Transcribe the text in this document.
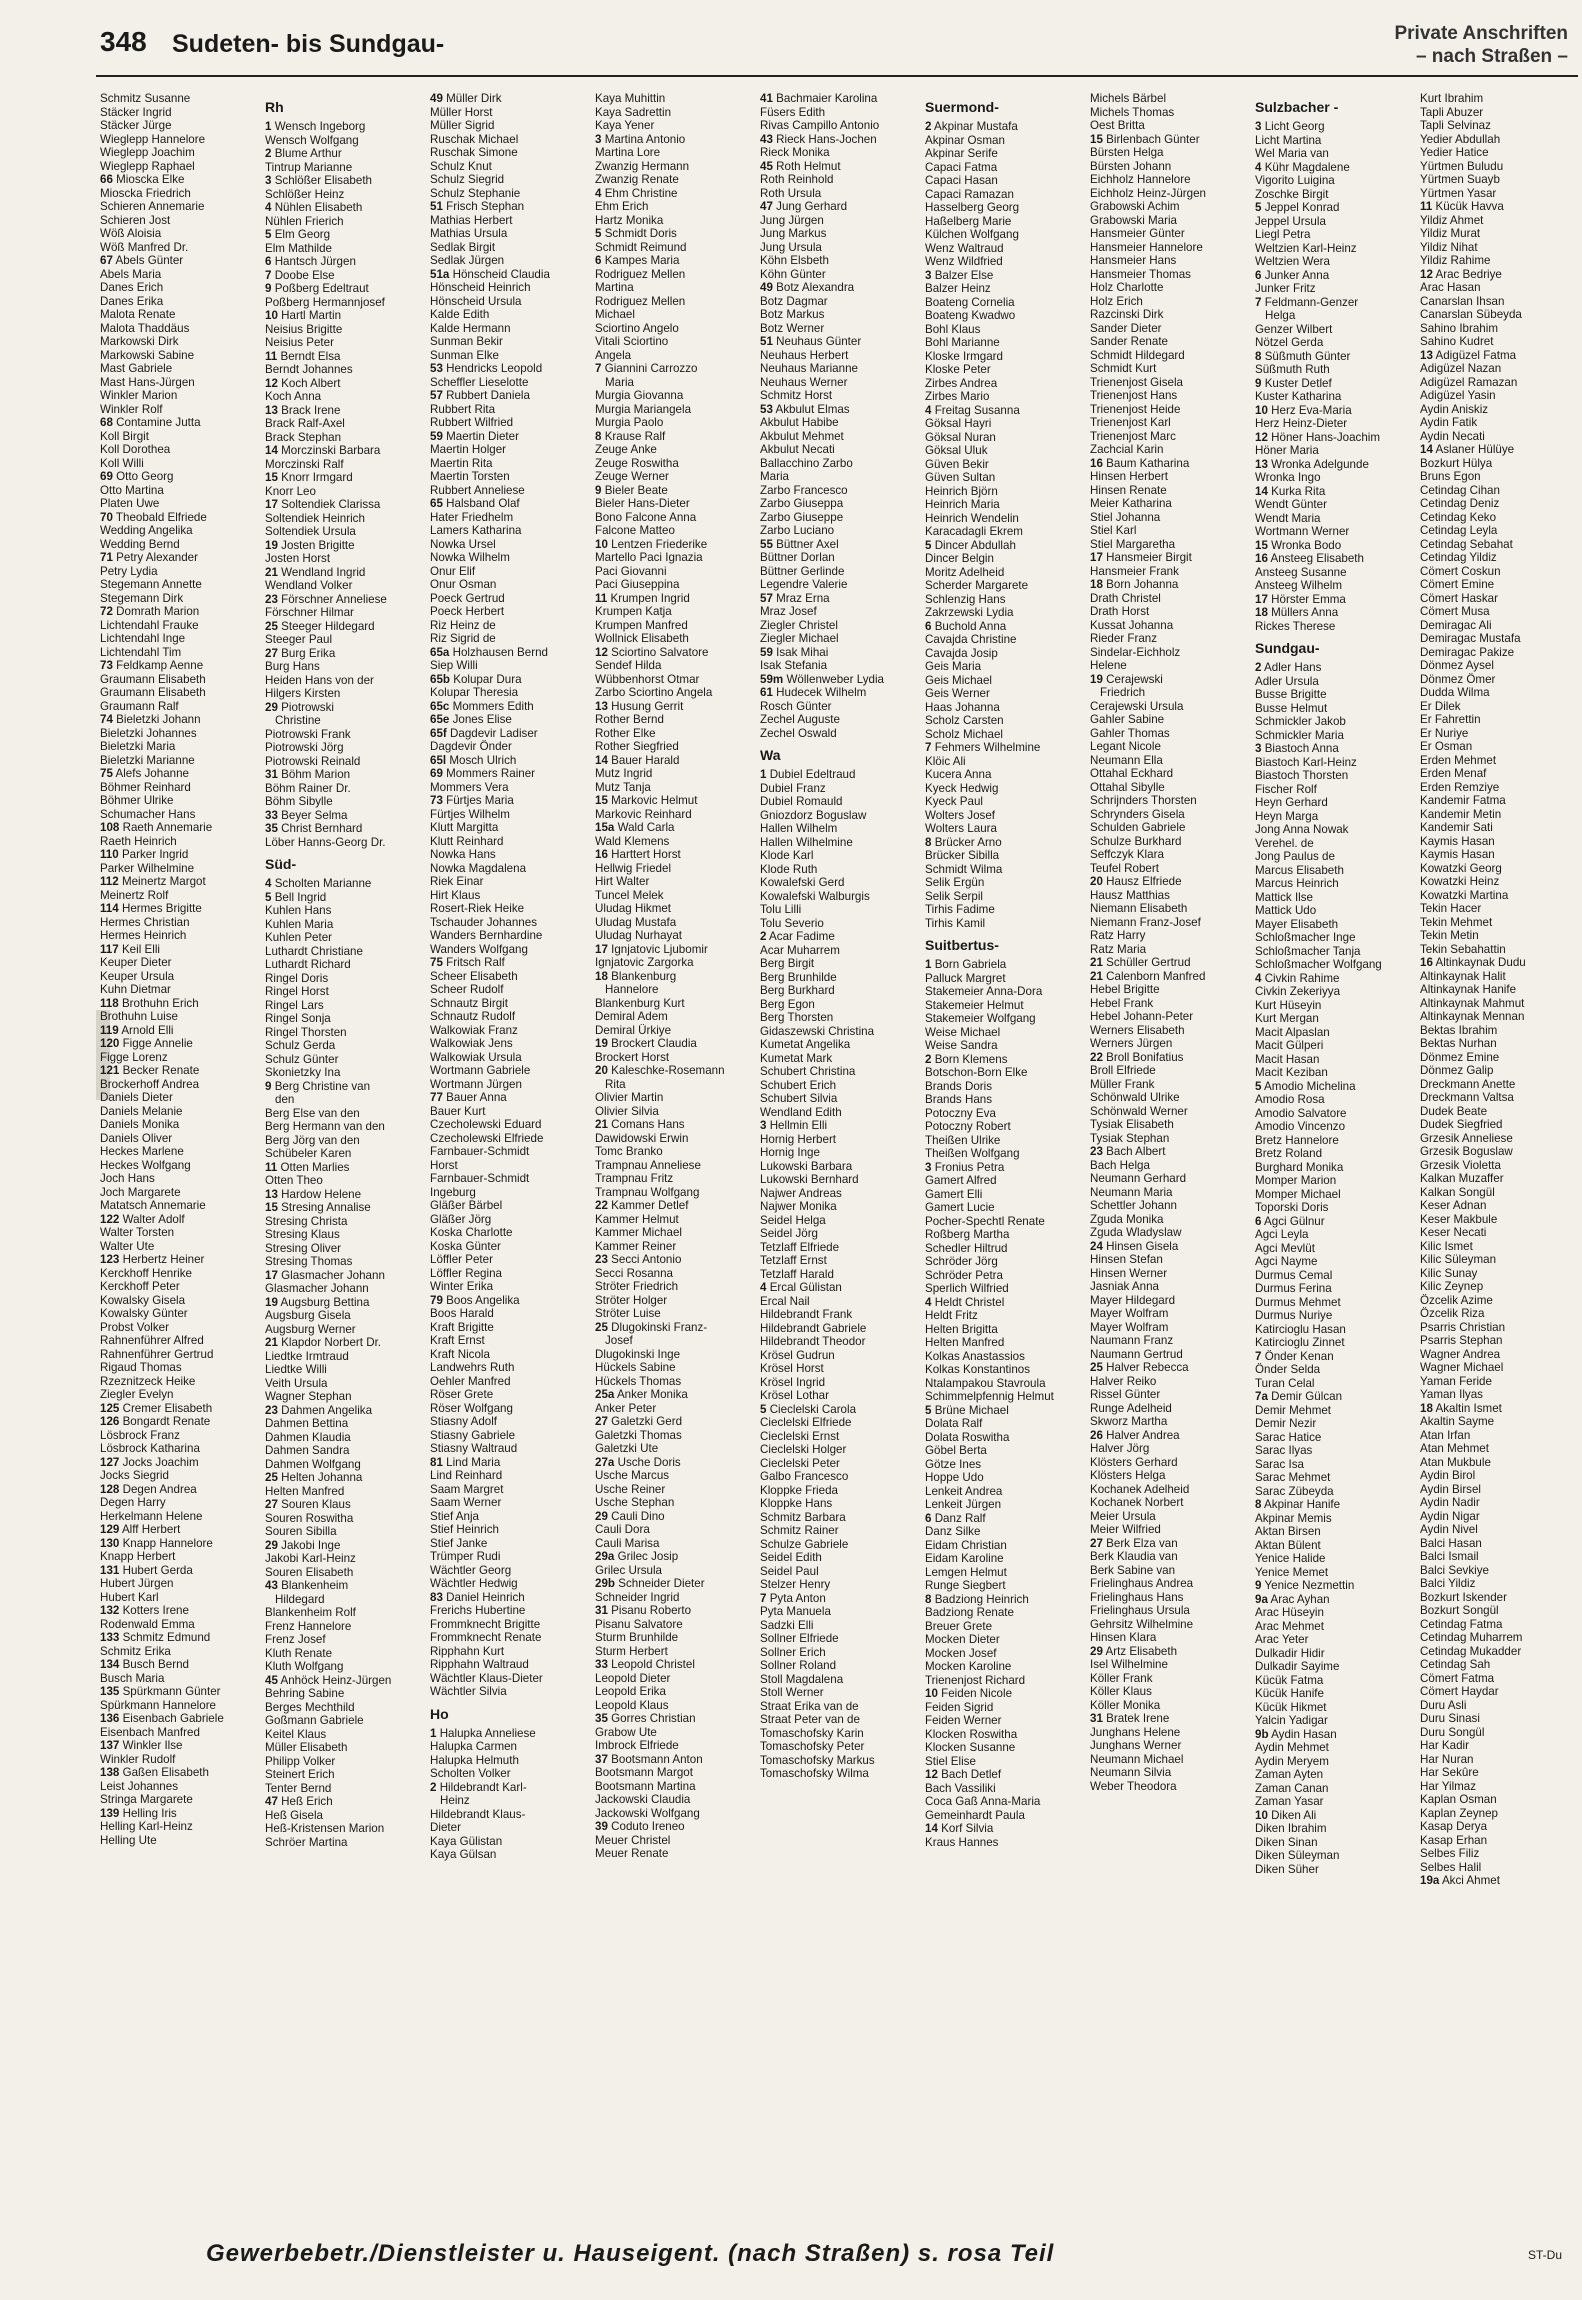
348 Sudeten- bis Sundgau-	Private Anschriften
– nach Straßen –
Schmitz Susanne
Stäcker Ingrid
Stäcker Jürge
Wieglepp Hannelore
Wieglepp Joachim
Wieglepp Raphael
66 Mioscka Elke
Mioscka Friedrich
Schieren Annemarie
Schieren Jost
Wöß Aloisia
Wöß Manfred Dr.
67 Abels Günter
Abels Maria
Danes Erich
Danes Erika
Malota Renate
Malota Thaddäus
Markowski Dirk
Markowski Sabine
Mast Gabriele
Mast Hans-Jürgen
Winkler Marion
Winkler Rolf
68 Contamine Jutta
Koll Birgit
Koll Dorothea
Koll Willi
69 Otto Georg
Otto Martina
Platen Uwe
70 Theobald Elfriede
Wedding Angelika
Wedding Bernd
71 Petry Alexander
Petry Lydia
Stegemann Annette
Stegemann Dirk
72 Domrath Marion
Lichtendahl Frauke
Lichtendahl Inge
Lichtendahl Tim
73 Feldkamp Aenne
Graumann Elisabeth
Graumann Elisabeth
Graumann Ralf
74 Bieletzki Johann
Bieletzki Johannes
Bieletzki Maria
Bieletzki Marianne
75 Alefs Johanne
Böhmer Reinhard
Böhmer Ulrike
Schumacher Hans
108 Raeth Annemarie
Raeth Heinrich
110 Parker Ingrid
Parker Wilhelmine
112 Meinertz Margot
Meinertz Rolf
114 Hermes Brigitte
Hermes Christian
Hermes Heinrich
117 Keil Elli
Keuper Dieter
Keuper Ursula
Kuhn Dietmar
118 Brothuhn Erich
Brothuhn Luise
119 Arnold Elli
120 Figge Annelie
Figge Lorenz
121 Becker Renate
Brockerhoff Andrea
Daniels Dieter
Daniels Melanie
Daniels Monika
Daniels Oliver
Heckes Marlene
Heckes Wolfgang
Joch Hans
Joch Margarete
Matatsch Annemarie
122 Walter Adolf
Walter Torsten
Walter Ute
123 Herbertz Heiner
Kerckhoff Henrike
Kerckhoff Peter
Kowalsky Gisela
Kowalsky Günter
Probst Volker
Rahnenführer Alfred
Rahnenführer Gertrud
Rigaud Thomas
Rzeznitzeck Heike
Ziegler Evelyn
125 Cremer Elisabeth
126 Bongardt Renate
Lösbrock Franz
Lösbrock Katharina
127 Jocks Joachim
Jocks Siegrid
128 Degen Andrea
Degen Harry
Herkelmann Helene
129 Alff Herbert
130 Knapp Hannelore
Knapp Herbert
131 Hubert Gerda
Hubert Jürgen
Hubert Karl
132 Kotters Irene
Rodenwald Emma
133 Schmitz Edmund
Schmitz Erika
134 Busch Bernd
Busch Maria
135 Spürkmann Günter
Spürkmann Hannelore
136 Eisenbach Gabriele
Eisenbach Manfred
137 Winkler Ilse
Winkler Rudolf
138 Gaßen Elisabeth
Leist Johannes
Stringa Margarete
139 Helling Iris
Helling Karl-Heinz
Helling Ute
Rh
1 Wensch Ingeborg
Wensch Wolfgang
2 Blume Arthur
Tintrup Marianne
3 Schlößer Elisabeth
Schlößer Heinz
4 Nühlen Elisabeth
Nühlen Frierich
5 Elm Georg
Elm Mathilde
6 Hantsch Jürgen
7 Doobe Else
9 Poßberg Edeltraut
Poßberg Hermannjosef
10 Hartl Martin
Neisius Brigitte
Neisius Peter
11 Berndt Elsa
Berndt Johannes
12 Koch Albert
Koch Anna
13 Brack Irene
Brack Ralf-Axel
Brack Stephan
14 Morczinski Barbara
Morczinski Ralf
15 Knorr Irmgard
Knorr Leo
17 Soltendiek Clarissa
Soltendiek Heinrich
Soltendiek Ursula
19 Josten Brigitte
Josten Horst
21 Wendland Ingrid
Wendland Volker
23 Förschner Anneliese
Förschner Hilmar
25 Steeger Hildegard
Steeger Paul
27 Burg Erika
Burg Hans
Heiden Hans von der
Hilgers Kirsten
29 Piotrowski
Christine
Piotrowski Frank
Piotrowski Jörg
Piotrowski Reinald
31 Böhm Marion
Böhm Rainer Dr.
Böhm Sibylle
33 Beyer Selma
35 Christ Bernhard
Löber Hanns-Georg Dr.
Süd-
4 Scholten Marianne
5 Bell Ingrid
Kuhlen Hans
Kuhlen Maria
Kuhlen Peter
Luthardt Christiane
Luthardt Richard
Ringel Doris
Ringel Horst
Ringel Lars
Ringel Sonja
Ringel Thorsten
Schulz Gerda
Schulz Günter
Skonietzky Ina
9 Berg Christine van
den
Berg Else van den
Berg Hermann van den
Berg Jörg van den
Schübeler Karen
11 Otten Marlies
Otten Theo
13 Hardow Helene
15 Stresing Annalise
Stresing Christa
Stresing Klaus
Stresing Oliver
Stresing Thomas
17 Glasmacher Johann
Glasmacher Johann
19 Augsburg Bettina
Augsburg Gisela
Augsburg Werner
21 Klapdor Norbert Dr.
Liedtke Irmtraud
Liedtke Willi
Veith Ursula
Wagner Stephan
23 Dahmen Angelika
Dahmen Bettina
Dahmen Klaudia
Dahmen Sandra
Dahmen Wolfgang
25 Helten Johanna
Helten Manfred
27 Souren Klaus
Souren Roswitha
Souren Sibilla
29 Jakobi Inge
Jakobi Karl-Heinz
Souren Elisabeth
43 Blankenheim
Hildegard
Blankenheim Rolf
Frenz Hannelore
Frenz Josef
Kluth Renate
Kluth Wolfgang
45 Anhöck Heinz-Jürgen
Behring Sabine
Berges Mechthild
Goßmann Gabriele
Keitel Klaus
Müller Elisabeth
Philipp Volker
Steinert Erich
Tenter Bernd
47 Heß Erich
Heß Gisela
Heß-Kristensen Marion
Schröer Martina
49 Müller Dirk
Müller Horst
Müller Sigrid
Ruschak Michael
Ruschak Simone
Schulz Knut
Schulz Siegrid
Schulz Stephanie
51 Frisch Stephan
Mathias Herbert
Mathias Ursula
Sedlak Birgit
Sedlak Jürgen
51a Hönscheid Claudia
Hönscheid Heinrich
Hönscheid Ursula
Kalde Edith
Kalde Hermann
Sunman Bekir
Sunman Elke
53 Hendricks Leopold
Scheffler Lieselotte
57 Rubbert Daniela
Rubbert Rita
Rubbert Wilfried
59 Maertin Dieter
Maertin Holger
Maertin Rita
Maertin Torsten
Rubbert Anneliese
65 Halsband Olaf
Hater Friedhelm
Lamers Katharina
Nowka Ursel
Nowka Wilhelm
Onur Elif
Onur Osman
Poeck Gertrud
Poeck Herbert
Riz Heinz de
Riz Sigrid de
65a Holzhausen Bernd
Siep Willi
65b Kolupar Dura
Kolupar Theresia
65c Mommers Edith
65e Jones Elise
65f Dagdevir Ladiser
Dagdevir Önder
65l Mosch Ulrich
69 Mommers Rainer
Mommers Vera
73 Fürtjes Maria
Fürtjes Wilhelm
Klutt Margitta
Klutt Reinhard
Nowka Hans
Nowka Magdalena
Riek Einar
Hirt Klaus
Rosert-Riek Heike
Tschauder Johannes
Wanders Bernhardine
Wanders Wolfgang
75 Fritsch Ralf
Scheer Elisabeth
Scheer Rudolf
Schnautz Birgit
Schnautz Rudolf
Walkowiak Franz
Walkowiak Jens
Walkowiak Ursula
Wortmann Gabriele
Wortmann Jürgen
77 Bauer Anna
Bauer Kurt
Czecholewski Eduard
Czecholewski Elfriede
Farnbauer-Schmidt
Horst
Farnbauer-Schmidt
Ingeburg
Gläßer Bärbel
Gläßer Jörg
Koska Charlotte
Koska Günter
Löffler Peter
Löffler Regina
Winter Erika
79 Boos Angelika
Boos Harald
Kraft Brigitte
Kraft Ernst
Kraft Nicola
Landwehrs Ruth
Oehler Manfred
Röser Grete
Röser Wolfgang
Stiasny Adolf
Stiasny Gabriele
Stiasny Waltraud
81 Lind Maria
Lind Reinhard
Saam Margret
Saam Werner
Stief Anja
Stief Heinrich
Stief Janke
Trümper Rudi
Wächtler Georg
Wächtler Hedwig
83 Daniel Heinrich
Frerichs Hubertine
Frommknecht Brigitte
Frommknecht Renate
Ripphahn Kurt
Ripphahn Waltraud
Wächtler Klaus-Dieter
Wächtler Silvia
Ho
1 Halupka Anneliese
Halupka Carmen
Halupka Helmuth
Scholten Volker
2 Hildebrandt Karl-
Heinz
Hildebrandt Klaus-
Dieter
Kaya Gülistan
Kaya Gülsan
Kaya Muhittin
Kaya Sadrettin
Kaya Yener
3 Martina Antonio
Martina Lore
Zwanzig Hermann
Zwanzig Renate
4 Ehm Christine
Ehm Erich
Hartz Monika
5 Schmidt Doris
Schmidt Reimund
6 Kampes Maria
Rodriguez Mellen
Martina
Rodriguez Mellen
Michael
Sciortino Angelo
Vitali Sciortino
Angela
7 Giannini Carrozzo
Maria
Murgia Giovanna
Murgia Mariangela
Murgia Paolo
8 Krause Ralf
Zeuge Anke
Zeuge Roswitha
Zeuge Werner
9 Bieler Beate
Bieler Hans-Dieter
Bono Falcone Anna
Falcone Matteo
10 Lentzen Friederike
Martello Paci Ignazia
Paci Giovanni
Paci Giuseppina
11 Krumpen Ingrid
Krumpen Katja
Krumpen Manfred
Wollnick Elisabeth
12 Sciortino Salvatore
Sendef Hilda
Wübbenhorst Otmar
Zarbo Sciortino Angela
13 Husung Gerrit
Rother Bernd
Rother Elke
Rother Siegfried
14 Bauer Harald
Mutz Ingrid
Mutz Tanja
15 Markovic Helmut
Markovic Reinhard
15a Wald Carla
Wald Klemens
16 Harttert Horst
Hellwig Friedel
Hirt Walter
Tuncel Melek
Uludag Hikmet
Uludag Mustafa
Uludag Nurhayat
17 Ignjatovic Ljubomir
Ignjatovic Zargorka
18 Blankenburg
Hannelore
Blankenburg Kurt
Demiral Adem
Demiral Ürkiye
19 Brockert Claudia
Brockert Horst
20 Kaleschke-Rosemann
Rita
Olivier Martin
Olivier Silvia
21 Comans Hans
Dawidowski Erwin
Tomc Branko
Trampnau Anneliese
Trampnau Fritz
Trampnau Wolfgang
22 Kammer Detlef
Kammer Helmut
Kammer Michael
Kammer Reiner
23 Secci Antonio
Secci Rosanna
Ströter Friedrich
Ströter Holger
Ströter Luise
25 Dlugokinski Franz-
Josef
Dlugokinski Inge
Hückels Sabine
Hückels Thomas
25a Anker Monika
Anker Peter
27 Galetzki Gerd
Galetzki Thomas
Galetzki Ute
27a Usche Doris
Usche Marcus
Usche Reiner
Usche Stephan
29 Cauli Dino
Cauli Dora
Cauli Marisa
29a Grilec Josip
Grilec Ursula
29b Schneider Dieter
Schneider Ingrid
31 Pisanu Roberto
Pisanu Salvatore
Sturm Brunhilde
Sturm Herbert
33 Leopold Christel
Leopold Dieter
Leopold Erika
Leopold Klaus
35 Gorres Christian
Grabow Ute
Imbrock Elfriede
37 Bootsmann Anton
Bootsmann Margot
Bootsmann Martina
Jackowski Claudia
Jackowski Wolfgang
39 Coduto Ireneo
Meuer Christel
Meuer Renate
41 Bachmaier Karolina
Füsers Edith
Rivas Campillo Antonio
43 Rieck Hans-Jochen
Rieck Monika
45 Roth Helmut
Roth Reinhold
Roth Ursula
47 Jung Gerhard
Jung Jürgen
Jung Markus
Jung Ursula
Köhn Elsbeth
Köhn Günter
49 Botz Alexandra
Botz Dagmar
Botz Markus
Botz Werner
51 Neuhaus Günter
Neuhaus Herbert
Neuhaus Marianne
Neuhaus Werner
Schmitz Horst
53 Akbulut Elmas
Akbulut Habibe
Akbulut Mehmet
Akbulut Necati
Ballacchino Zarbo
Maria
Zarbo Francesco
Zarbo Giuseppa
Zarbo Giuseppe
Zarbo Luciano
55 Büttner Axel
Büttner Dorlan
Büttner Gerlinde
Legendre Valerie
57 Mraz Erna
Mraz Josef
Ziegler Christel
Ziegler Michael
59 Isak Mihai
Isak Stefania
59m Wöllenweber Lydia
61 Hudecek Wilhelm
Rosch Günter
Zechel Auguste
Zechel Oswald
Wa
1 Dubiel Edeltraud
Dubiel Franz
Dubiel Romauld
Gniozdorz Boguslaw
Hallen Wilhelm
Hallen Wilhelmine
Klode Karl
Klode Ruth
Kowalefski Gerd
Kowalefski Walburgis
Tolu Lilli
Tolu Severio
2 Acar Fadime
Acar Muharrem
Berg Birgit
Berg Brunhilde
Berg Burkhard
Berg Egon
Berg Thorsten
Gidaszewski Christina
Kumetat Angelika
Kumetat Mark
Schubert Christina
Schubert Erich
Schubert Silvia
Wendland Edith
3 Hellmin Elli
Hornig Herbert
Hornig Inge
Lukowski Barbara
Lukowski Bernhard
Najwer Andreas
Najwer Monika
Seidel Helga
Seidel Jörg
Tetzlaff Elfriede
Tetzlaff Ernst
Tetzlaff Harald
4 Ercal Gülistan
Ercal Nail
Hildebrandt Frank
Hildebrandt Gabriele
Hildebrandt Theodor
Krösel Gudrun
Krösel Horst
Krösel Ingrid
Krösel Lothar
5 Cieclelski Carola
Cieclelski Elfriede
Cieclelski Ernst
Cieclelski Holger
Cieclelski Peter
Galbo Francesco
Kloppke Frieda
Kloppke Hans
Schmitz Barbara
Schmitz Rainer
Schulze Gabriele
Seidel Edith
Seidel Paul
Stelzer Henry
7 Pyta Anton
Pyta Manuela
Sadzki Elli
Sollner Elfriede
Sollner Erich
Sollner Roland
Stoll Magdalena
Stoll Werner
Straat Erika van de
Straat Peter van de
Tomaschofsky Karin
Tomaschofsky Peter
Tomaschofsky Markus
Tomaschofsky Wilma
Suermond-
2 Akpinar Mustafa
Akpinar Osman
Akpinar Serife
Capaci Fatma
Capaci Hasan
Capaci Ramazan
Hasselberg Georg
Haßelberg Marie
Külchen Wolfgang
Wenz Waltraud
Wenz Wildfried
3 Balzer Else
Balzer Heinz
Boateng Cornelia
Boateng Kwadwo
Bohl Klaus
Bohl Marianne
Kloske Irmgard
Kloske Peter
Zirbes Andrea
Zirbes Mario
4 Freitag Susanna
Göksal Hayri
Göksal Nuran
Göksal Uluk
Güven Bekir
Güven Sultan
Heinrich Björn
Heinrich Maria
Heinrich Wendelin
Karacadagli Ekrem
5 Dincer Abdullah
Dincer Belgin
Moritz Adelheid
Scherder Margarete
Schlenzig Hans
Zakrzewski Lydia
6 Buchold Anna
Cavajda Christine
Cavajda Josip
Geis Maria
Geis Michael
Geis Werner
Haas Johanna
Scholz Carsten
Scholz Michael
7 Fehmers Wilhelmine
Klöic Ali
Kucera Anna
Kyeck Hedwig
Kyeck Paul
Wolters Josef
Wolters Laura
8 Brücker Arno
Brücker Sibilla
Schmidt Wilma
Selik Ergün
Selik Serpil
Tirhis Fadime
Tirhis Kamil
Suitbertus-
1 Born Gabriela
Palluck Margret
Stakemeier Anna-Dora
Stakemeier Helmut
Stakemeier Wolfgang
Weise Michael
Weise Sandra
2 Born Klemens
Botschon-Born Elke
Brands Doris
Brands Hans
Potoczny Eva
Potoczny Robert
Theißen Ulrike
Theißen Wolfgang
3 Fronius Petra
Gamert Alfred
Gamert Elli
Gamert Lucie
Pocher-Spechtl Renate
Roßberg Martha
Schedler Hiltrud
Schröder Jörg
Schröder Petra
Sperlich Wilfried
4 Heldt Christel
Heldt Fritz
Helten Brigitta
Helten Manfred
Kolkas Anastassios
Kolkas Konstantinos
Ntalampakou Stavroula
Schimmelpfennig Helmut
5 Brüne Michael
Dolata Ralf
Dolata Roswitha
Göbel Berta
Götze Ines
Hoppe Udo
Lenkeit Andrea
Lenkeit Jürgen
6 Danz Ralf
Danz Silke
Eidam Christian
Eidam Karoline
Lemgen Helmut
Runge Siegbert
8 Badziong Heinrich
Badziong Renate
Breuer Grete
Mocken Dieter
Mocken Josef
Mocken Karoline
Trienenjost Richard
10 Feiden Nicole
Feiden Sigrid
Feiden Werner
Klocken Roswitha
Klocken Susanne
Stiel Elise
12 Bach Detlef
Bach Vassiliki
Coca Gaß Anna-Maria
Gemeinhardt Paula
14 Korf Silvia
Kraus Hannes
Michels Bärbel
Michels Thomas
Oest Britta
15 Birlenbach Günter
Bürsten Helga
Bürsten Johann
Eichholz Hannelore
Eichholz Heinz-Jürgen
Grabowski Achim
Grabowski Maria
Hansmeier Günter
Hansmeier Hannelore
Hansmeier Hans
Hansmeier Thomas
Holz Charlotte
Holz Erich
Razcinski Dirk
Sander Dieter
Sander Renate
Schmidt Hildegard
Schmidt Kurt
Trienenjost Gisela
Trienenjost Hans
Trienenjost Heide
Trienenjost Karl
Trienenjost Marc
Zachcial Karin
16 Baum Katharina
Hinsen Herbert
Hinsen Renate
Meier Katharina
Stiel Johanna
Stiel Karl
Stiel Margaretha
17 Hansmeier Birgit
Hansmeier Frank
18 Born Johanna
Drath Christel
Drath Horst
Kussat Johanna
Rieder Franz
Sindelar-Eichholz
Helene
19 Cerajewski
Friedrich
Cerajewski Ursula
Gahler Sabine
Gahler Thomas
Legant Nicole
Neumann Ella
Ottahal Eckhard
Ottahal Sibylle
Schrijnders Thorsten
Schrynders Gisela
Schulden Gabriele
Schulze Burkhard
Seffczyk Klara
Teufel Robert
20 Hausz Elfriede
Hausz Matthias
Niemann Elisabeth
Niemann Franz-Josef
Ratz Harry
Ratz Maria
21 Schüller Gertrud
21 Calenborn Manfred
Hebel Brigitte
Hebel Frank
Hebel Johann-Peter
Werners Elisabeth
Werners Jürgen
22 Broll Bonifatius
Broll Elfriede
Müller Frank
Schönwald Ulrike
Schönwald Werner
Tysiak Elisabeth
Tysiak Stephan
23 Bach Albert
Bach Helga
Neumann Gerhard
Neumann Maria
Schettler Johann
Zguda Monika
Zguda Wladyslaw
24 Hinsen Gisela
Hinsen Stefan
Hinsen Werner
Jasniak Anna
Mayer Hildegard
Mayer Wolfram
Mayer Wolfram
Naumann Franz
Naumann Gertrud
25 Halver Rebecca
Halver Reiko
Rissel Günter
Runge Adelheid
Skworz Martha
26 Halver Andrea
Halver Jörg
Klösters Gerhard
Klösters Helga
Kochanek Adelheid
Kochanek Norbert
Meier Ursula
Meier Wilfried
27 Berk Elza van
Berk Klaudia van
Berk Sabine van
Frielinghaus Andrea
Frielinghaus Hans
Frielinghaus Ursula
Gehrsitz Wilhelmine
Hinsen Klara
29 Artz Elisabeth
Isel Wilhelmine
Köller Frank
Köller Klaus
Köller Monika
31 Bratek Irene
Junghans Helene
Junghans Werner
Neumann Michael
Neumann Silvia
Weber Theodora
Sulzbacher -
3 Licht Georg
Licht Martina
Wel Maria van
4 Kühr Magdalene
Vigorito Luigina
Zoschke Birgit
5 Jeppel Konrad
Jeppel Ursula
Liegl Petra
Weltzien Karl-Heinz
Weltzien Wera
6 Junker Anna
Junker Fritz
7 Feldmann-Genzer
Helga
Genzer Wilbert
Nötzel Gerda
8 Süßmuth Günter
Süßmuth Ruth
9 Kuster Detlef
Kuster Katharina
10 Herz Eva-Maria
Herz Heinz-Dieter
12 Höner Hans-Joachim
Höner Maria
13 Wronka Adelgunde
Wronka Ingo
14 Kurka Rita
Wendt Günter
Wendt Maria
Wortmann Werner
15 Wronka Bodo
16 Ansteeg Elisabeth
Ansteeg Susanne
Ansteeg Wilhelm
17 Hörster Emma
18 Müllers Anna
Rickes Therese
Sundgau-
2 Adler Hans
Adler Ursula
Busse Brigitte
Busse Helmut
Schmickler Jakob
Schmickler Maria
3 Biastoch Anna
Biastoch Karl-Heinz
Biastoch Thorsten
Fischer Rolf
Heyn Gerhard
Heyn Marga
Jong Anna Nowak
Verehel. de
Jong Paulus de
Marcus Elisabeth
Marcus Heinrich
Mattick Ilse
Mattick Udo
Mayer Elisabeth
Schloßmacher Inge
Schloßmacher Tanja
Schloßmacher Wolfgang
4 Civkin Rahime
Civkin Zekeriyya
Kurt Hüseyin
Kurt Mergan
Macit Alpaslan
Macit Gülperi
Macit Hasan
Macit Keziban
5 Amodio Michelina
Amodio Rosa
Amodio Salvatore
Amodio Vincenzo
Bretz Hannelore
Bretz Roland
Burghard Monika
Momper Marion
Momper Michael
Toporski Doris
6 Agci Gülnur
Agci Leyla
Agci Mevlüt
Agci Nayme
Durmus Cemal
Durmus Ferina
Durmus Mehmet
Durmus Nuriye
Katircioglu Hasan
Katircioglu Zinnet
7 Önder Kenan
Önder Selda
Turan Celal
7a Demir Gülcan
Demir Mehmet
Demir Nezir
Sarac Hatice
Sarac Ilyas
Sarac Isa
Sarac Mehmet
Sarac Zübeyda
8 Akpinar Hanife
Akpinar Memis
Aktan Birsen
Aktan Bülent
Yenice Halide
Yenice Memet
9 Yenice Nezmettin
9a Arac Ayhan
Arac Hüseyin
Arac Mehmet
Arac Yeter
Dulkadir Hidir
Dulkadir Sayime
Kücük Fatma
Kücük Hanife
Kücük Hikmet
Yalcin Yadigar
9b Aydin Hasan
Aydin Mehmet
Aydin Meryem
Zaman Ayten
Zaman Canan
Zaman Yasar
10 Diken Ali
Diken Ibrahim
Diken Sinan
Diken Süleyman
Diken Süher
Kurt Ibrahim
Tapli Abuzer
Tapli Selvinaz
Yedier Abdullah
Yedier Hatice
Yürtmen Buludu
Yürtmen Suayb
Yürtmen Yasar
11 Kücük Havva
Yildiz Ahmet
Yildiz Murat
Yildiz Nihat
Yildiz Rahime
12 Arac Bedriye
Arac Hasan
Canarslan Ihsan
Canarslan Sübeyda
Sahino Ibrahim
Sahino Kudret
13 Adigüzel Fatma
Adigüzel Nazan
Adigüzel Ramazan
Adigüzel Yasin
Aydin Aniskiz
Aydin Fatik
Aydin Necati
14 Aslaner Hülüye
Bozkurt Hülya
Bruns Egon
Cetindag Cihan
Cetindag Deniz
Cetindag Keko
Cetindag Leyla
Cetindag Sebahat
Cetindag Yildiz
Cömert Coskun
Cömert Emine
Cömert Haskar
Cömert Musa
Demiragac Ali
Demiragac Mustafa
Demiragac Pakize
Dönmez Aysel
Dönmez Ömer
Dudda Wilma
Er Dilek
Er Fahrettin
Er Nuriye
Er Osman
Erden Mehmet
Erden Menaf
Erden Remziye
Kandemir Fatma
Kandemir Metin
Kandemir Sati
Kaymis Hasan
Kaymis Hasan
Kowatzki Georg
Kowatzki Heinz
Kowatzki Martina
Tekin Hacer
Tekin Mehmet
Tekin Metin
Tekin Sebahattin
16 Altinkaynak Dudu
Altinkaynak Halit
Altinkaynak Hanife
Altinkaynak Mahmut
Altinkaynak Mennan
Bektas Ibrahim
Bektas Nurhan
Dönmez Emine
Dönmez Galip
Dreckmann Anette
Dreckmann Valtsa
Dudek Beate
Dudek Siegfried
Grzesik Anneliese
Grzesik Boguslaw
Grzesik Violetta
Kalkan Muzaffer
Kalkan Songül
Keser Adnan
Keser Makbule
Keser Necati
Kilic Ismet
Kilic Süleyman
Kilic Sunay
Kilic Zeynep
Özcelik Azime
Özcelik Riza
Psarris Christian
Psarris Stephan
Wagner Andrea
Wagner Michael
Yaman Feride
Yaman Ilyas
18 Akaltin Ismet
Akaltin Sayme
Atan Irfan
Atan Mehmet
Atan Mukbule
Aydin Birol
Aydin Birsel
Aydin Nadir
Aydin Nigar
Aydin Nivel
Balci Hasan
Balci Ismail
Balci Sevkiye
Balci Yildiz
Bozkurt Iskender
Bozkurt Songül
Cetindag Fatma
Cetindag Muharrem
Cetindag Mukadder
Cetindag Sah
Cömert Fatma
Cömert Haydar
Duru Asli
Duru Sinasi
Duru Songül
Har Kadir
Har Nuran
Har Sekûre
Har Yilmaz
Kaplan Osman
Kaplan Zeynep
Kasap Derya
Kasap Erhan
Selbes Filiz
Selbes Halil
19a Akci Ahmet
Gewerbebetr./Dienstleister u. Hauseigent. (nach Straßen) s. rosa Teil	ST-Du
